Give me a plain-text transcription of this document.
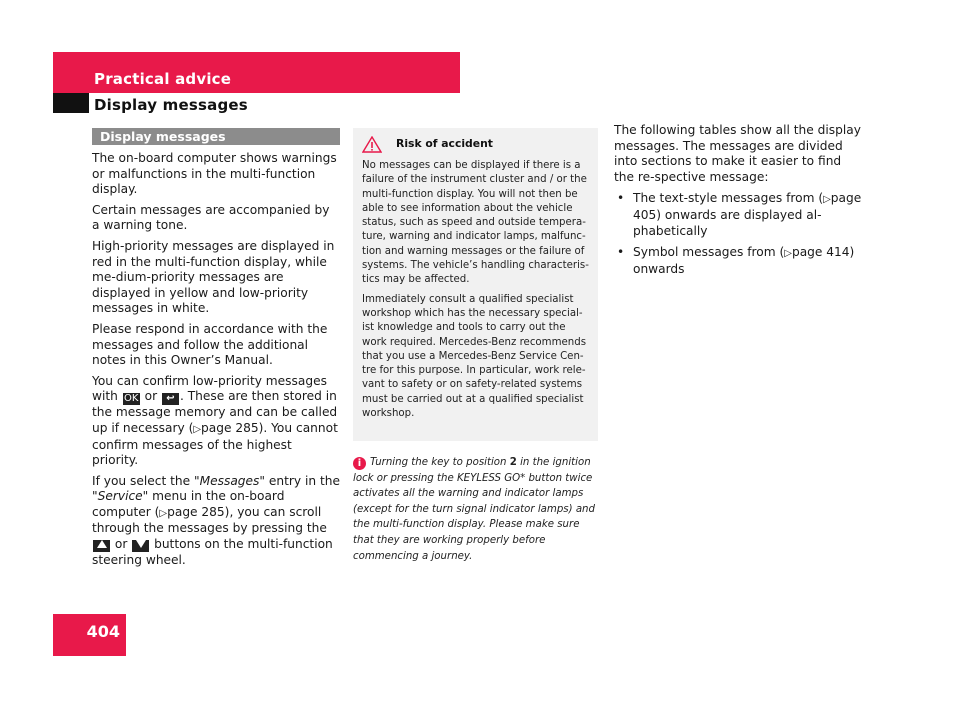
Practical advice
Display messages
404
Display messages

The on-board computer shows warnings or malfunctions in the multi-function display.

Certain messages are accompanied by a warning tone.

High-priority messages are displayed in red in the multi-function display, while me-dium-priority messages are displayed in yellow and low-priority messages in white.

Please respond in accordance with the messages and follow the additional notes in this Owner’s Manual.

You can confirm low-priority messages with OK or ↩ . These are then stored in the message memory and can be called up if necessary (▷page 285). You cannot confirm messages of the highest priority.

If you select the "Messages" entry in the "Service" menu in the on-board computer (▷page 285), you can scroll through the messages by pressing the  or buttons on the multi-function steering wheel.

Risk of accident

No messages can be displayed if there is a failure of the instrument cluster and / or the multi-function display. You will not then be able to see information about the vehicle status, such as speed and outside tempera-ture, warning and indicator lamps, malfunc-tion and warning messages or the failure of systems. The vehicle’s handling characteris-tics may be affected.

Immediately consult a qualified specialist workshop which has the necessary special-ist knowledge and tools to carry out the work required. Mercedes-Benz recommends that you use a Mercedes-Benz Service Cen-tre for this purpose. In particular, work rele-vant to safety or on safety-related systems must be carried out at a qualified specialist workshop.

i Turning the key to position 2 in the ignition lock or pressing the KEYLESS GO* button twice activates all the warning and indicator lamps (except for the turn signal indicator lamps) and the multi-function display. Please make sure that they are working properly before commencing a journey.

The following tables show all the display messages. The messages are divided into sections to make it easier to find the re-spective message:

• The text-style messages from (▷page 405) onwards are displayed al-phabetically
• Symbol messages from (▷page 414) onwards
